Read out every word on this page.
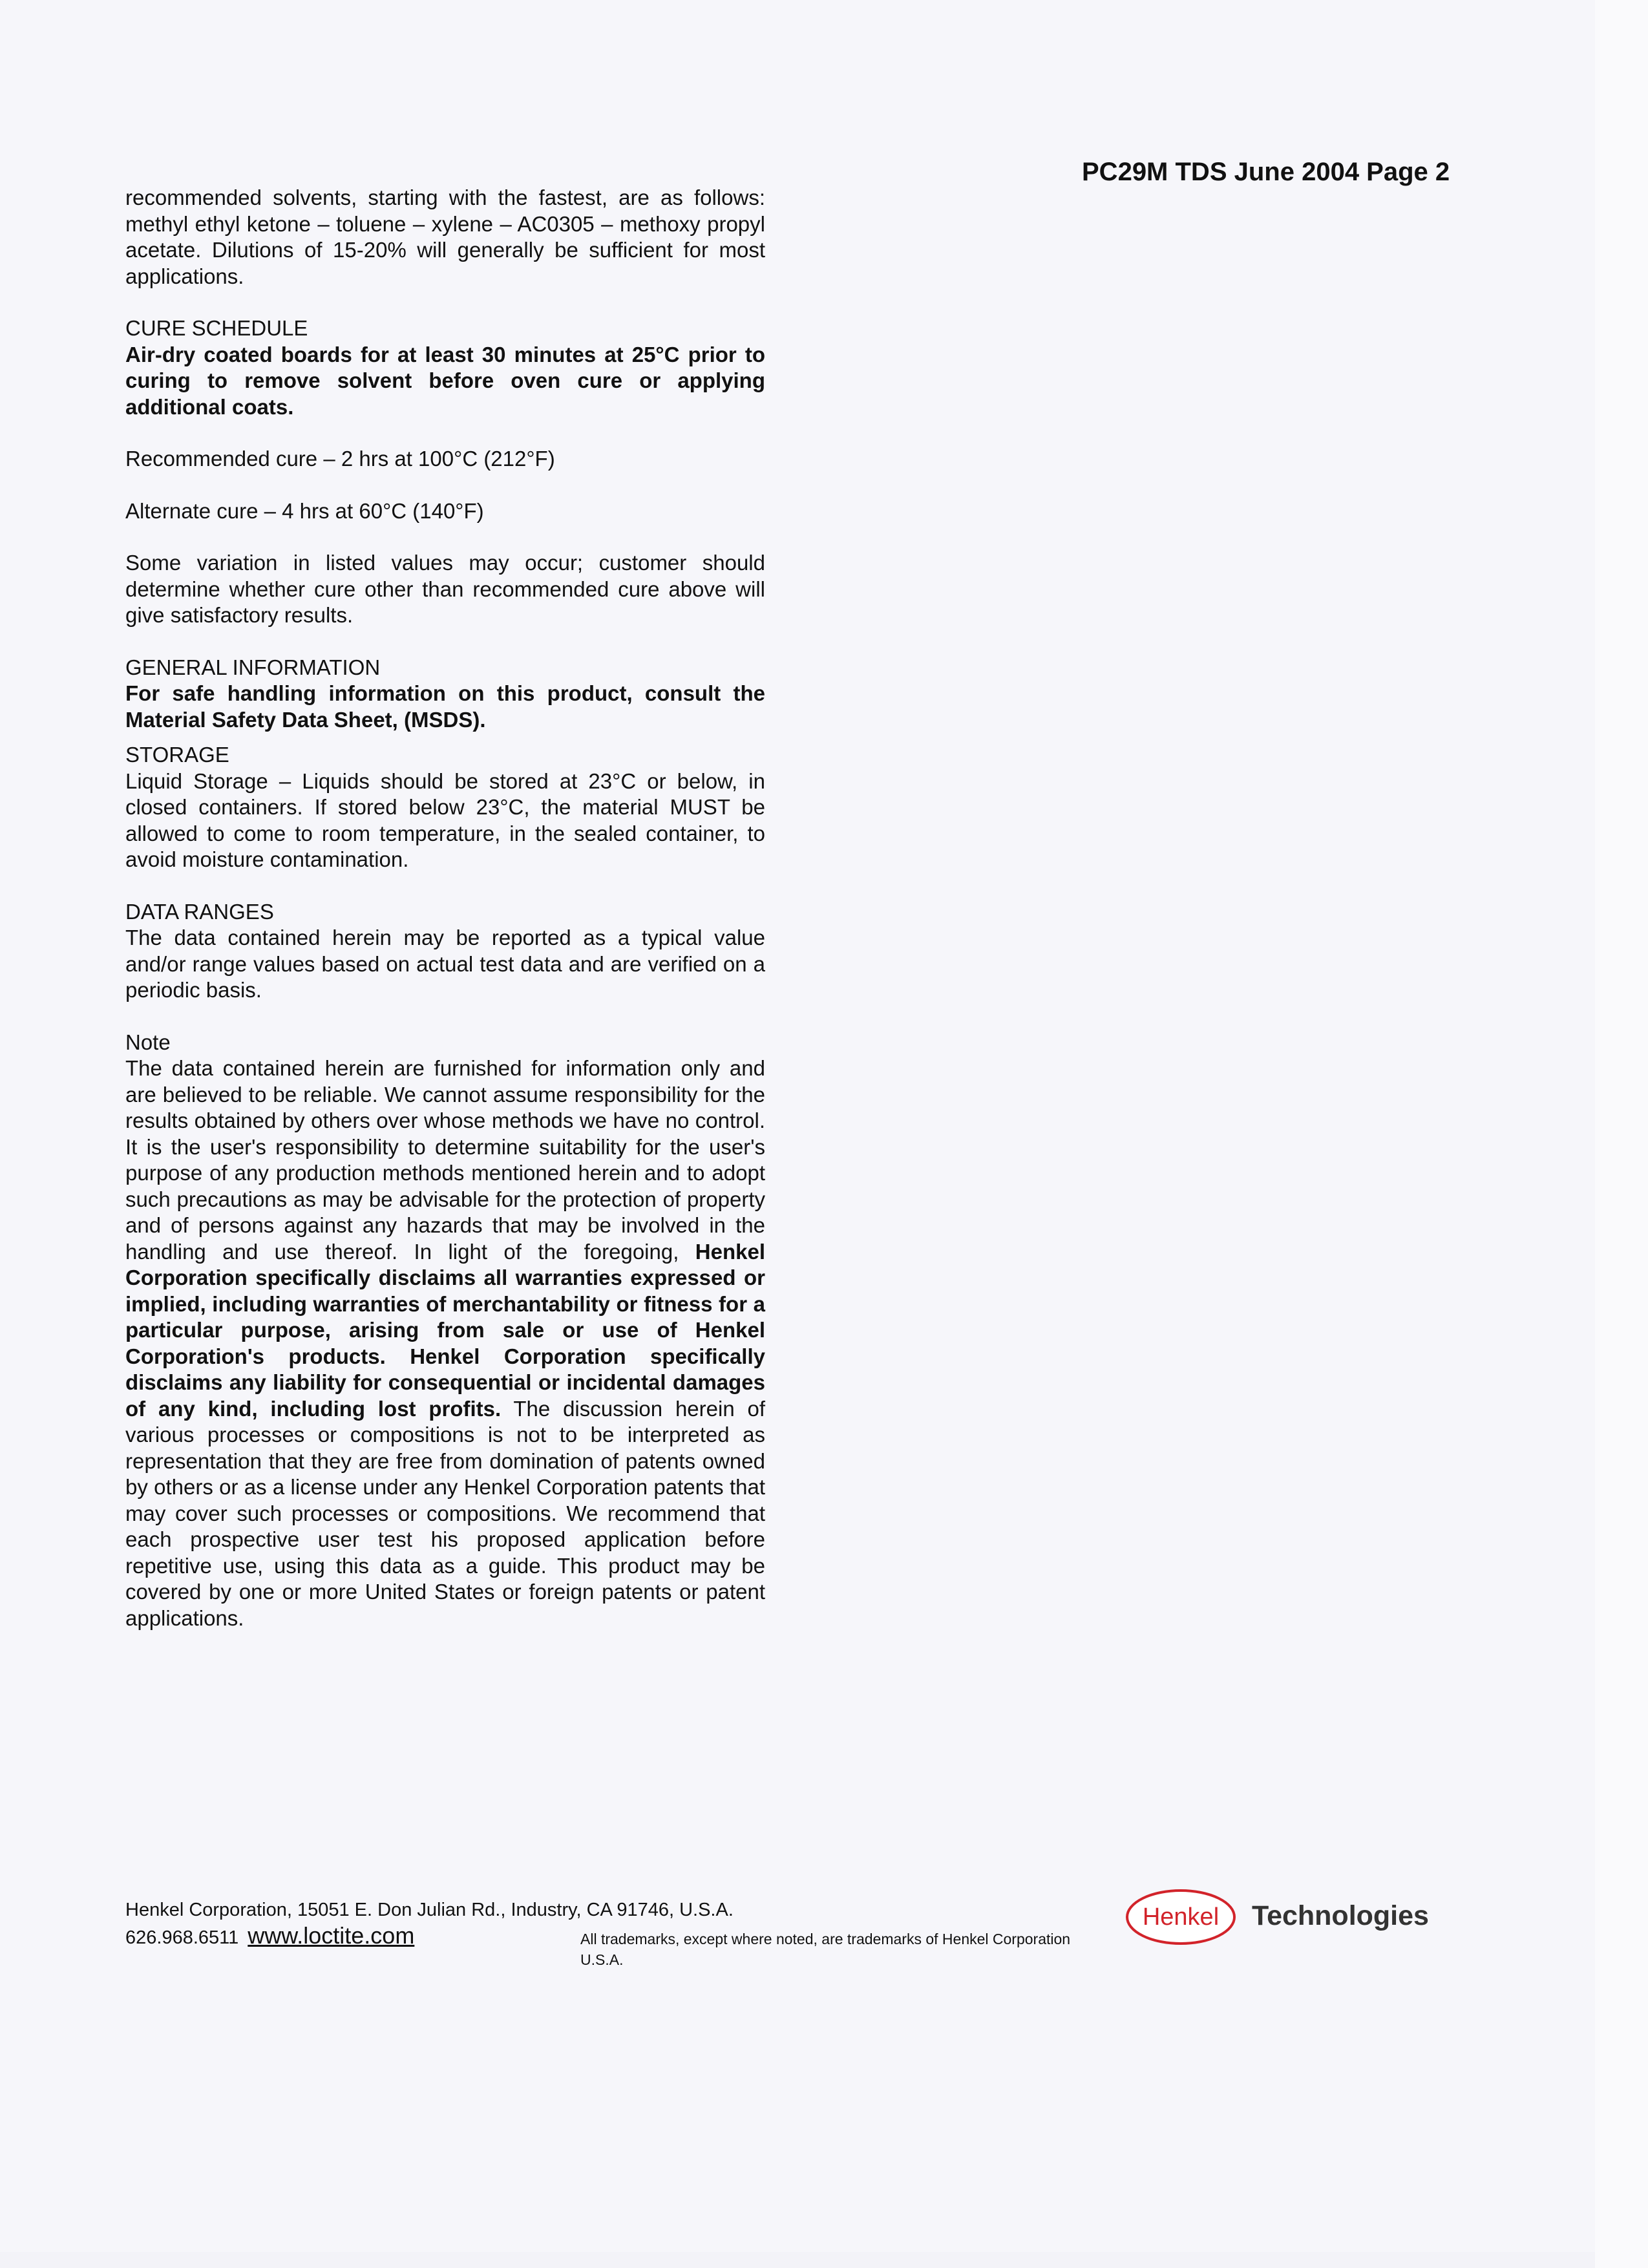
PC29M TDS June 2004 Page 2

recommended solvents, starting with the fastest, are as follows: methyl ethyl ketone – toluene – xylene – AC0305 – methoxy propyl acetate. Dilutions of 15-20% will generally be sufficient for most applications.

CURE SCHEDULE

Air-dry coated boards for at least 30 minutes at 25°C prior to curing to remove solvent before oven cure or applying additional coats.

Recommended cure – 2 hrs at 100°C (212°F)

Alternate cure – 4 hrs at 60°C (140°F)

Some variation in listed values may occur; customer should determine whether cure other than recommended cure above will give satisfactory results.

GENERAL INFORMATION

For safe handling information on this product, consult the Material Safety Data Sheet, (MSDS).

STORAGE

Liquid Storage – Liquids should be stored at 23°C or below, in closed containers. If stored below 23°C, the material MUST be allowed to come to room temperature, in the sealed container, to avoid moisture contamination.

DATA RANGES

The data contained herein may be reported as a typical value and/or range values based on actual test data and are verified on a periodic basis.

Note

The data contained herein are furnished for information only and are believed to be reliable. We cannot assume responsibility for the results obtained by others over whose methods we have no control. It is the user's responsibility to determine suitability for the user's purpose of any production methods mentioned herein and to adopt such precautions as may be advisable for the protection of property and of persons against any hazards that may be involved in the handling and use thereof. In light of the foregoing, Henkel Corporation specifically disclaims all warranties expressed or implied, including warranties of merchantability or fitness for a particular purpose, arising from sale or use of Henkel Corporation's products. Henkel Corporation specifically disclaims any liability for consequential or incidental damages of any kind, including lost profits. The discussion herein of various processes or compositions is not to be interpreted as representation that they are free from domination of patents owned by others or as a license under any Henkel Corporation patents that may cover such processes or compositions. We recommend that each prospective user test his proposed application before repetitive use, using this data as a guide. This product may be covered by one or more United States or foreign patents or patent applications.

Henkel Corporation, 15051 E. Don Julian Rd., Industry, CA 91746, U.S.A.
626.968.6511 www.loctite.com	All trademarks, except where noted, are trademarks of Henkel Corporation U.S.A.
Henkel Technologies
